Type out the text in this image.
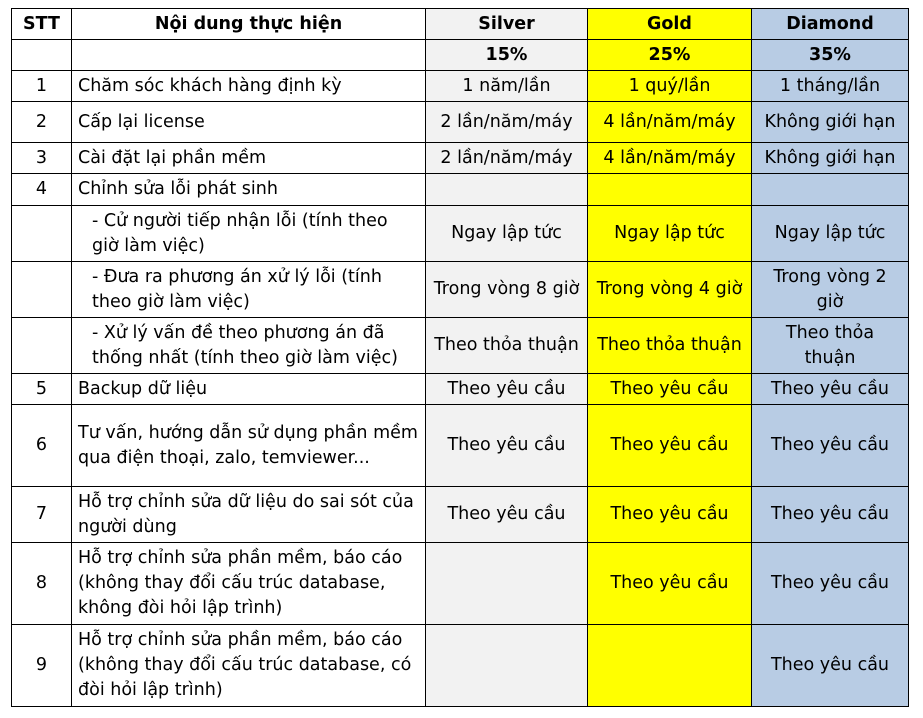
STT	Nội dung thực hiện	Silver	Gold	Diamond
		15%	25%	35%
1	Chăm sóc khách hàng định kỳ	1 năm/lần	1 quý/lần	1 tháng/lần
2	Cấp lại license	2 lần/năm/máy	4 lần/năm/máy	Không giới hạn
3	Cài đặt lại phần mềm	2 lần/năm/máy	4 lần/năm/máy	Không giới hạn
4	Chỉnh sửa lỗi phát sinh			
	- Cử người tiếp nhận lỗi (tính theo giờ làm việc)	Ngay lập tức	Ngay lập tức	Ngay lập tức
	- Đưa ra phương án xử lý lỗi (tính theo giờ làm việc)	Trong vòng 8 giờ	Trong vòng 4 giờ	Trong vòng 2 giờ
	- Xử lý vấn đề theo phương án đã thống nhất (tính theo giờ làm việc)	Theo thỏa thuận	Theo thỏa thuận	Theo thỏa thuận
5	Backup dữ liệu	Theo yêu cầu	Theo yêu cầu	Theo yêu cầu
6	Tư vấn, hướng dẫn sử dụng phần mềm qua điện thoại, zalo, temviewer...	Theo yêu cầu	Theo yêu cầu	Theo yêu cầu
7	Hỗ trợ chỉnh sửa dữ liệu do sai sót của người dùng	Theo yêu cầu	Theo yêu cầu	Theo yêu cầu
8	Hỗ trợ chỉnh sửa phần mềm, báo cáo (không thay đổi cấu trúc database, không đòi hỏi lập trình)		Theo yêu cầu	Theo yêu cầu
9	Hỗ trợ chỉnh sửa phần mềm, báo cáo (không thay đổi cấu trúc database, có đòi hỏi lập trình)			Theo yêu cầu
